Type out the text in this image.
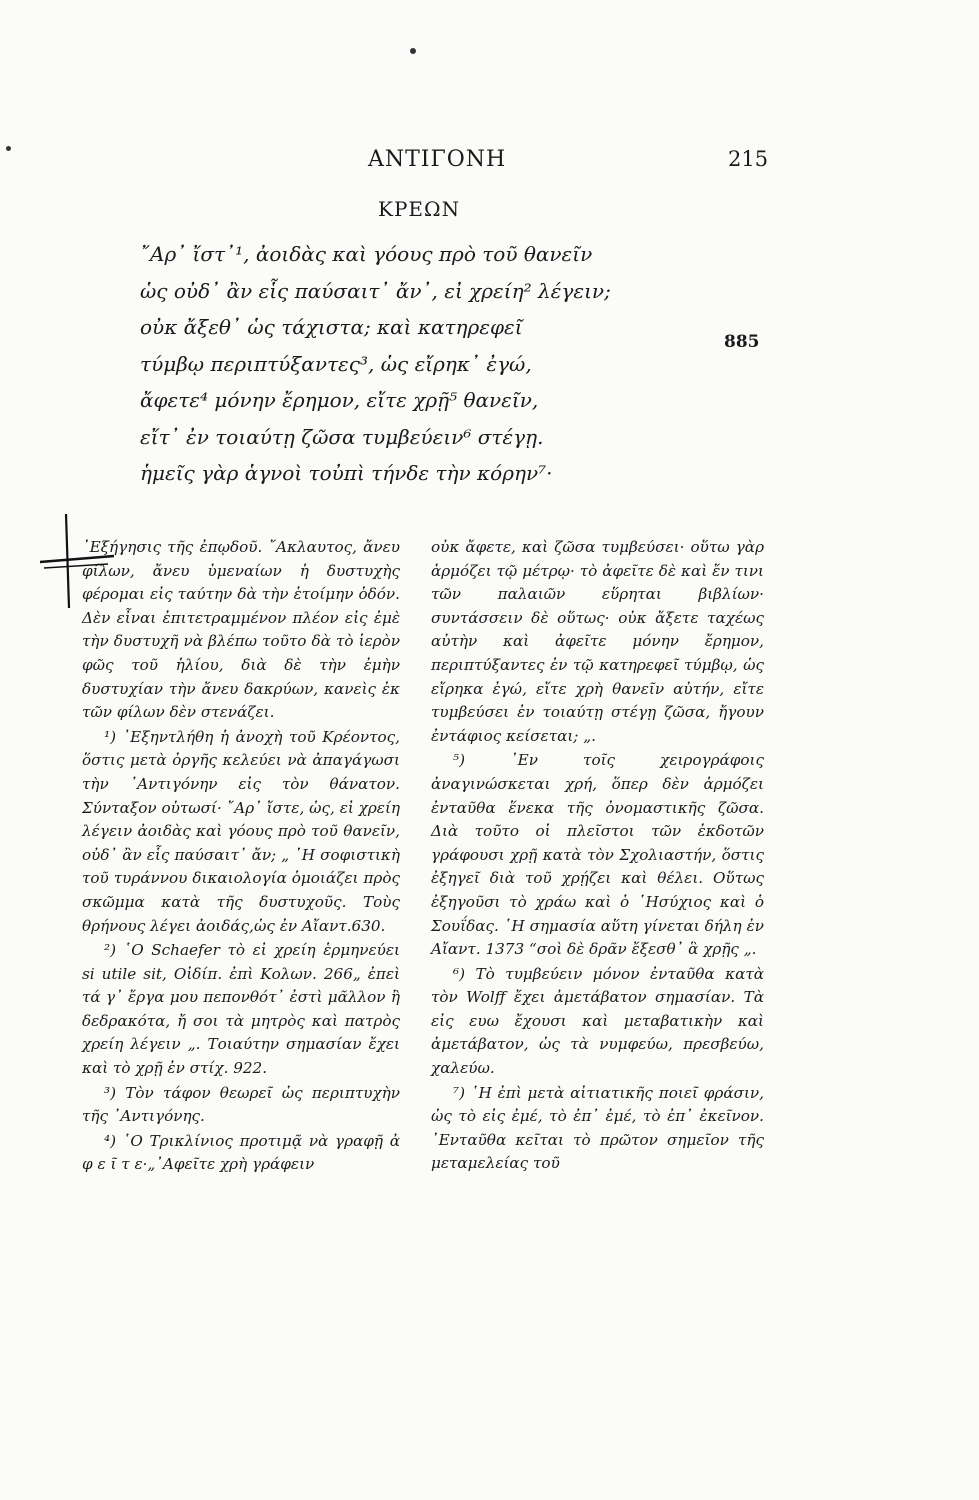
ΑΝΤΙΓΟΝΗ	215
ΚΡΕΩΝ
῎Αρ᾽ ἴστ᾽¹, ἀοιδὰς καὶ γόους πρὸ τοῦ θανεῖν
ὡς οὐδ᾽ ἂν εἷς παύσαιτ᾽ ἄν᾽, εἰ χρείη² λέγειν;
οὐκ ἄξεθ᾽ ὡς τάχιστα; καὶ κατηρεφεῖ
τύμβῳ περιπτύξαντες³, ὡς εἴρηκ᾽ ἐγώ,
ἄφετε⁴ μόνην ἔρημον, εἴτε χρῇ⁵ θανεῖν,
εἴτ᾽ ἐν τοιαύτῃ ζῶσα τυμβεύειν⁶ στέγῃ.
ἡμεῖς γὰρ ἁγνοὶ τοὐπὶ τήνδε τὴν κόρην⁷·
885

᾽Εξήγησις τῆς ἐπῳδοῦ. ῎Ακλαυτος, ἄνευ φίλων, ἄνευ ὑμεναίων ἡ δυστυχὴς φέρομαι εἰς ταύτην δὰ τὴν ἑτοίμην ὁδόν. Δὲν εἶναι ἐπιτετραμμένον πλέον εἰς ἐμὲ τὴν δυστυχῆ νὰ βλέπω τοῦτο δὰ τὸ ἱερὸν φῶς τοῦ ἡλίου, διὰ δὲ τὴν ἐμὴν δυστυχίαν τὴν ἄνευ δακρύων, κανεὶς ἐκ τῶν φίλων δὲν στενάζει.

¹) ᾽Εξηντλήθη ἡ ἀνοχὴ τοῦ Κρέοντος, ὅστις μετὰ ὀργῆς κελεύει νὰ ἀπαγάγωσι τὴν ᾽Αντιγόνην εἰς τὸν θάνατον. Σύνταξον οὑτωσί· ῎Αρ᾽ ἴστε, ὡς, εἰ χρείη λέγειν ἀοιδὰς καὶ γόους πρὸ τοῦ θανεῖν, οὐδ᾽ ἂν εἷς παύσαιτ᾽ ἄν; „ ῾Η σοφιστικὴ τοῦ τυράννου δικαιολογία ὁμοιάζει πρὸς σκῶμμα κατὰ τῆς δυστυχοῦς. Τοὺς θρήνους λέγει ἀοιδάς,ὡς ἐν Αἴαντ.630.

²) ῾Ο Schaefer τὸ εἰ χρείη ἑρμηνεύει si utile sit, Οἰδίπ. ἐπὶ Κολων. 266„ ἐπεὶ τά γ᾽ ἔργα μου πεπονθότ᾽ ἐστὶ μᾶλλον ἢ δεδρακότα, ἤ σοι τὰ μητρὸς καὶ πατρὸς χρείη λέγειν „. Τοιαύτην σημασίαν ἔχει καὶ τὸ χρῇ ἐν στίχ. 922.

³) Τὸν τάφον θεωρεῖ ὡς περιπτυχὴν τῆς ᾽Αντιγόνης.

⁴) ῾Ο Τρικλίνιος προτιμᾷ νὰ γραφῇ ἀ φ ε ῖ τ ε·„᾽Αφεῖτε χρὴ γράφειν

οὐκ ἄφετε, καὶ ζῶσα τυμβεύσει· οὕτω γὰρ ἁρμόζει τῷ μέτρῳ· τὸ ἀφεῖτε δὲ καὶ ἔν τινι τῶν παλαιῶν εὕρηται βιβλίων· συντάσσειν δὲ οὕτως· οὐκ ἄξετε ταχέως αὐτὴν καὶ ἀφεῖτε μόνην ἔρημον, περιπτύξαντες ἐν τῷ κατηρεφεῖ τύμβῳ, ὡς εἴρηκα ἐγώ, εἴτε χρὴ θανεῖν αὐτήν, εἴτε τυμβεύσει ἐν τοιαύτῃ στέγῃ ζῶσα, ἤγουν ἐντάφιος κείσεται; „.

⁵) ᾽Εν τοῖς χειρογράφοις ἀναγινώσκεται χρή, ὅπερ δὲν ἁρμόζει ἐνταῦθα ἕνεκα τῆς ὀνομαστικῆς ζῶσα. Διὰ τοῦτο οἱ πλεῖστοι τῶν ἐκδοτῶν γράφουσι χρῇ κατὰ τὸν Σχολιαστήν, ὅστις ἐξηγεῖ διὰ τοῦ χρῄζει καὶ θέλει. Οὕτως ἐξηγοῦσι τὸ χράω καὶ ὁ ῾Ησύχιος καὶ ὁ Σουΐδας. ῾Η σημασία αὕτη γίνεται δήλη ἐν Αἴαντ. 1373 “σοὶ δὲ δρᾶν ἔξεσθ᾽ ἃ χρῇς „.

⁶) Τὸ τυμβεύειν μόνον ἐνταῦθα κατὰ τὸν Wolff ἔχει ἀμετάβατον σημασίαν. Τὰ εἰς ευω ἔχουσι καὶ μεταβατικὴν καὶ ἀμετάβατον, ὡς τὰ νυμφεύω, πρεσβεύω, χαλεύω.

⁷) ῾Η ἐπὶ μετὰ αἰτιατικῆς ποιεῖ φράσιν, ὡς τὸ εἰς ἐμέ, τὸ ἐπ᾽ ἐμέ, τὸ ἐπ᾽ ἐκεῖνον. ᾽Ενταῦθα κεῖται τὸ πρῶτον σημεῖον τῆς μεταμελείας τοῦ
